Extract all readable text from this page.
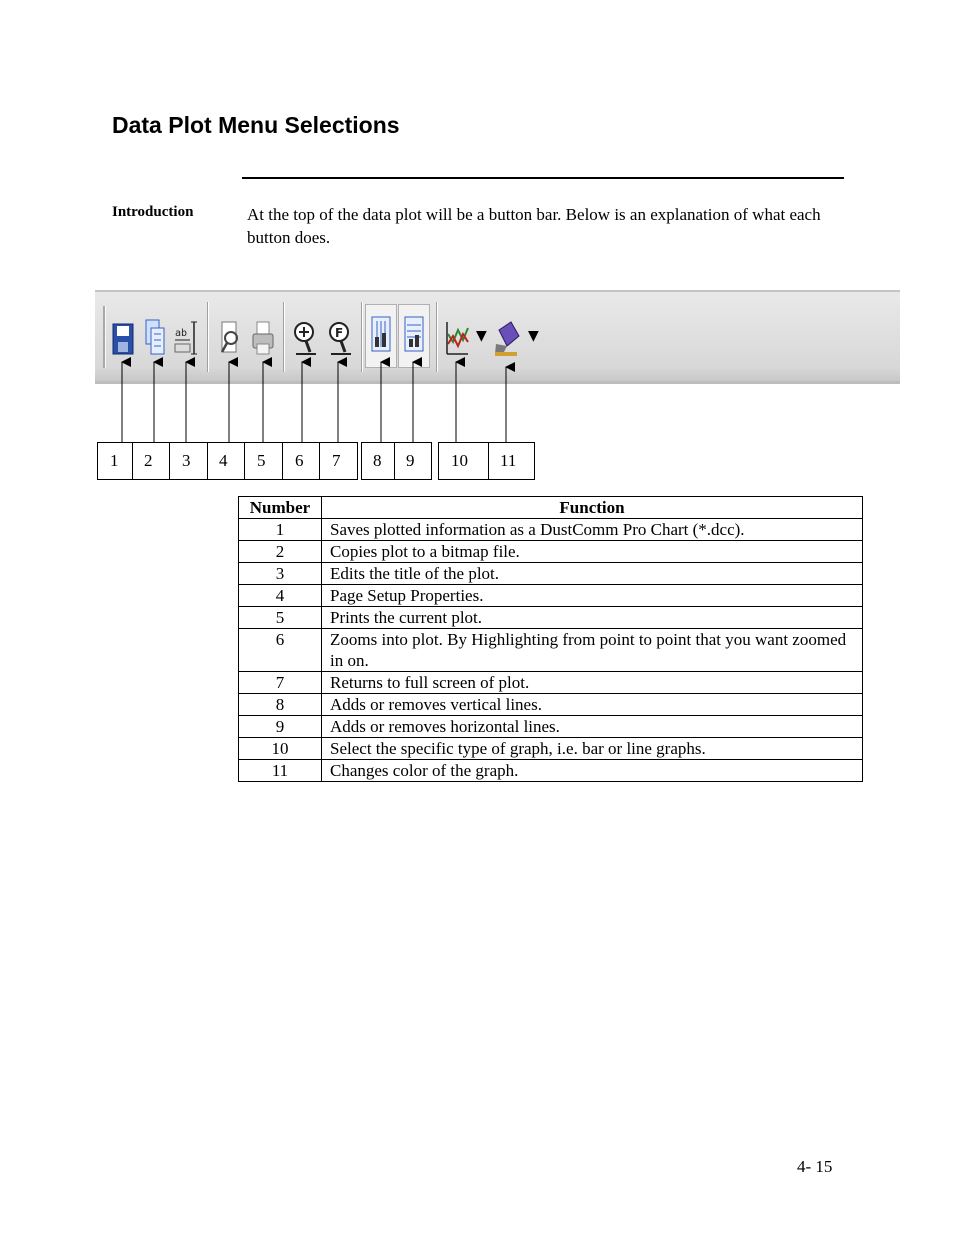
Data Plot Menu Selections
Introduction	At the top of the data plot will be a button bar. Below is an explanation of what each button does.
ab	F	▼	▼
1	2	3	4	5	6	7	8	9	10	11
Number	Function
1	Saves plotted information as a DustComm Pro Chart (*.dcc).
2	Copies plot to a bitmap file.
3	Edits the title of the plot.
4	Page Setup Properties.
5	Prints the current plot.
6	Zooms into plot. By Highlighting from point to point that you want zoomed in on.
7	Returns to full screen of plot.
8	Adds or removes vertical lines.
9	Adds or removes horizontal lines.
10	Select the specific type of graph, i.e. bar or line graphs.
11	Changes color of the graph.
4- 15
